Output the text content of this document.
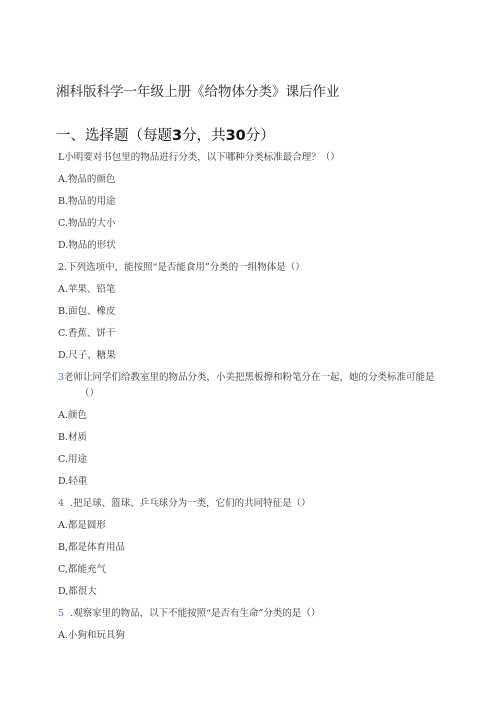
湘科版科学一年级上册《给物体分类》课后作业
一、选择题（每题3分，共30分）
L小明要对书包里的物品进行分类，以下哪种分类标准最合理？（）
A.物品的颜色
B.物品的用途
C.物品的大小
D.物品的形状
2.下列选项中，能按照“是否能食用”分类的一组物体是（）
A.苹果、铅笔
B.面包、橡皮
C.香蕉、饼干
D.尺子、糖果
3老师让同学们给教室里的物品分类，小美把黑板擦和粉笔分在一起，她的分类标准可能是
（）
A.颜色
B.材质
C.用途
D.轻重
4 .把足球、篮球、乒乓球分为一类，它们的共同特征是（）
A.都是圆形
B,都是体育用品
C,都能充气
D,都很大
5 .观察家里的物品，以下不能按照“是否有生命”分类的是（）
A.小狗和玩具狗
